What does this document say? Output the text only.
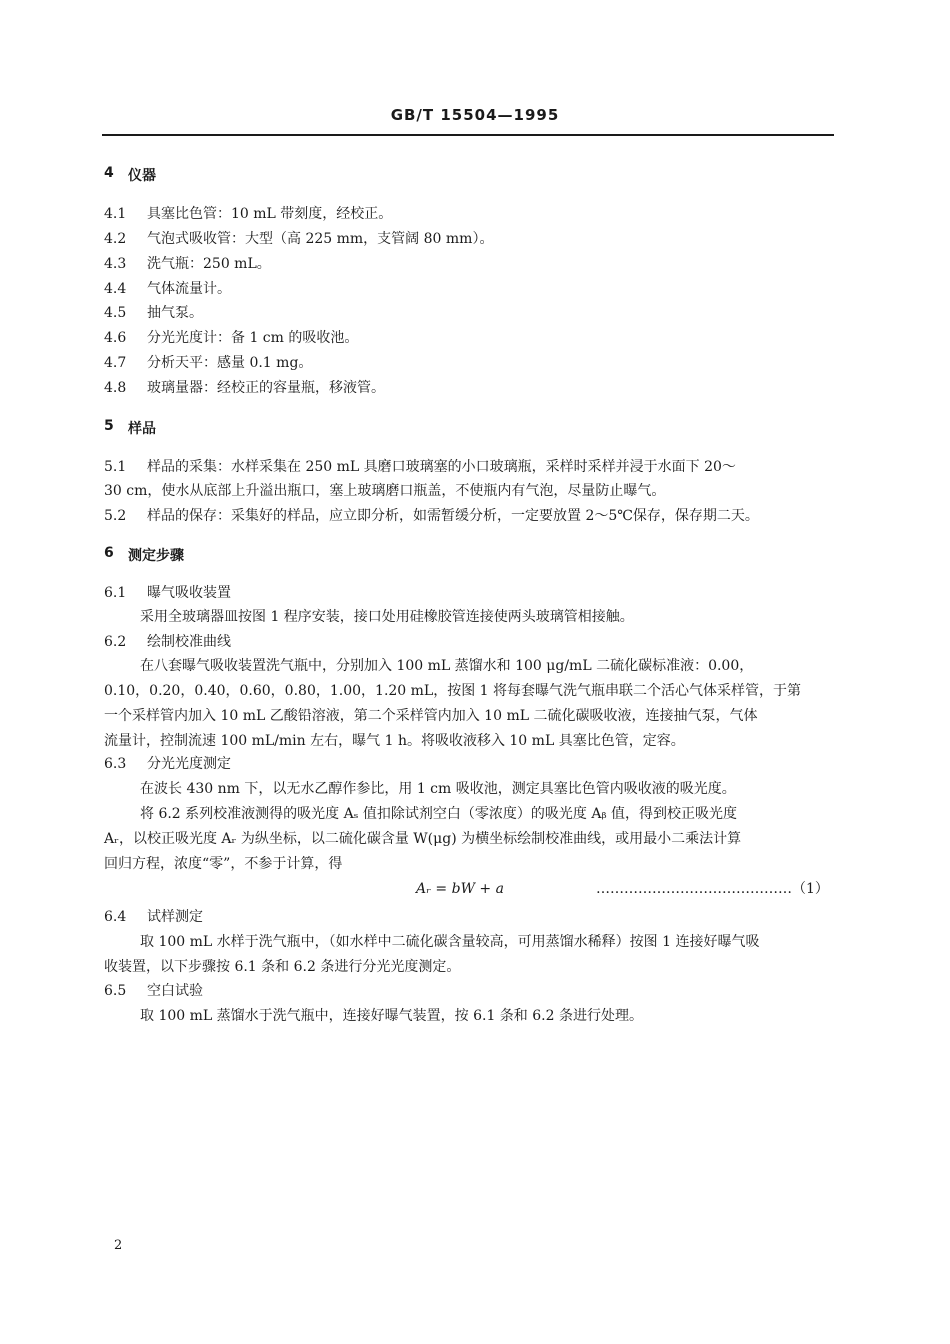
GB/T 15504—1995
4 仪器
4.1 具塞比色管：10 mL 带刻度，经校正。
4.2 气泡式吸收管：大型（高 225 mm，支管阔 80 mm）。
4.3 洗气瓶：250 mL。
4.4 气体流量计。
4.5 抽气泵。
4.6 分光光度计：备 1 cm 的吸收池。
4.7 分析天平：感量 0.1 mg。
4.8 玻璃量器：经校正的容量瓶，移液管。
5 样品
5.1 样品的采集：水样采集在 250 mL 具磨口玻璃塞的小口玻璃瓶，采样时采样并浸于水面下 20～
30 cm，使水从底部上升溢出瓶口，塞上玻璃磨口瓶盖，不使瓶内有气泡，尽量防止曝气。
5.2 样品的保存：采集好的样品，应立即分析，如需暂缓分析，一定要放置 2～5℃保存，保存期二天。
6 测定步骤
6.1 曝气吸收装置
采用全玻璃器皿按图 1 程序安装，接口处用硅橡胶管连接使两头玻璃管相接触。
6.2 绘制校准曲线
在八套曝气吸收装置洗气瓶中，分别加入 100 mL 蒸馏水和 100 μg/mL 二硫化碳标准液：0.00，
0.10，0.20，0.40，0.60，0.80，1.00，1.20 mL，按图 1 将每套曝气洗气瓶串联二个活心气体采样管，于第
一个采样管内加入 10 mL 乙酸铅溶液，第二个采样管内加入 10 mL 二硫化碳吸收液，连接抽气泵，气体
流量计，控制流速 100 mL/min 左右，曝气 1 h。将吸收液移入 10 mL 具塞比色管，定容。
6.3 分光光度测定
在波长 430 nm 下，以无水乙醇作参比，用 1 cm 吸收池，测定具塞比色管内吸收液的吸光度。
将 6.2 系列校准液测得的吸光度 Aₛ 值扣除试剂空白（零浓度）的吸光度 Aᵦ 值，得到校正吸光度
Aᵣ，以校正吸光度 Aᵣ 为纵坐标，以二硫化碳含量 W(μg) 为横坐标绘制校准曲线，或用最小二乘法计算
回归方程，浓度“零”，不参于计算，得
Aᵣ = bW + a	……………………………………（1）
6.4 试样测定
取 100 mL 水样于洗气瓶中，（如水样中二硫化碳含量较高，可用蒸馏水稀释）按图 1 连接好曝气吸
收装置，以下步骤按 6.1 条和 6.2 条进行分光光度测定。
6.5 空白试验
取 100 mL 蒸馏水于洗气瓶中，连接好曝气装置，按 6.1 条和 6.2 条进行处理。
2
